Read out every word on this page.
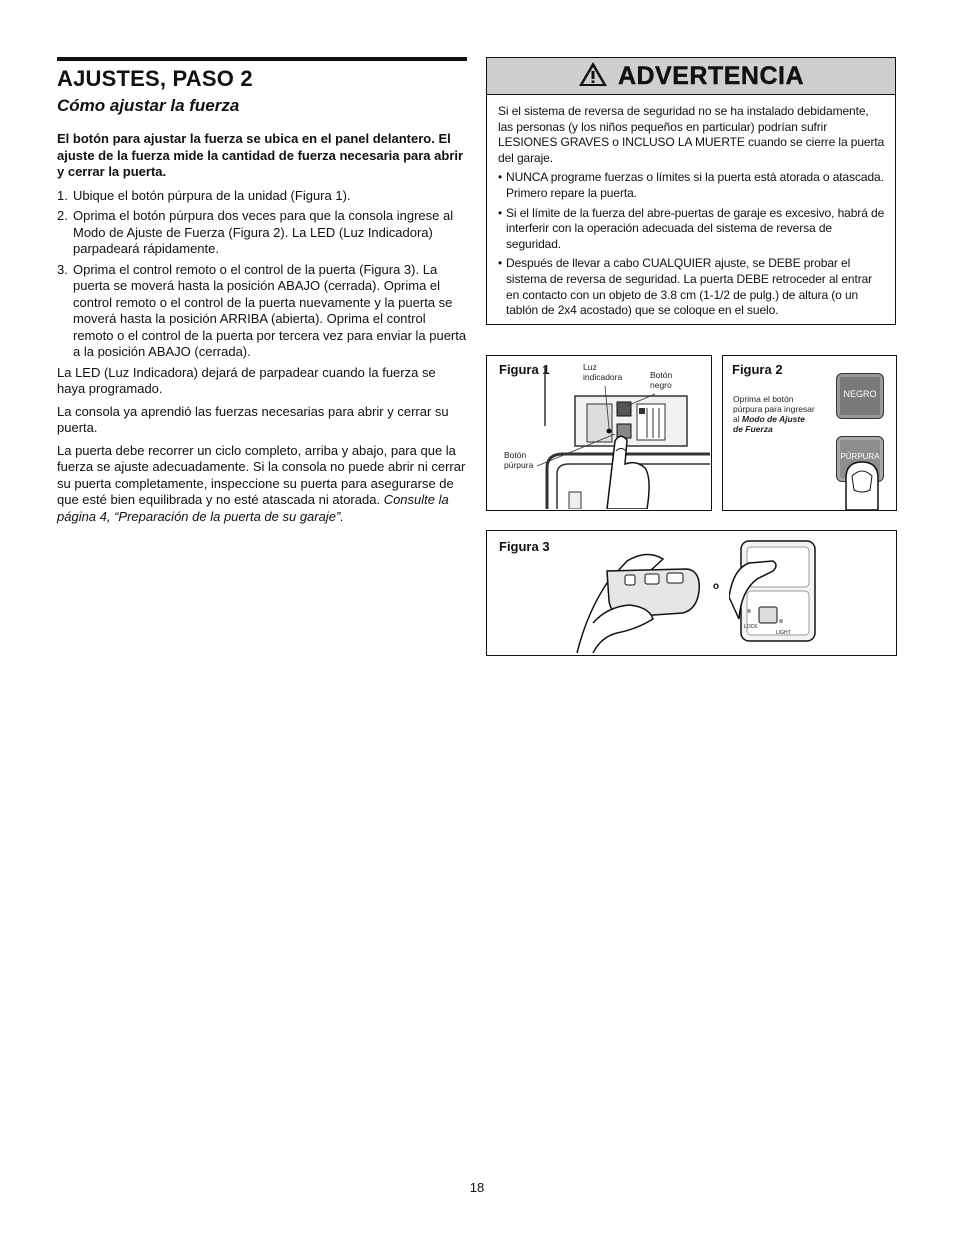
AJUSTES, PASO 2
Cómo ajustar la fuerza
El botón para ajustar la fuerza se ubica en el panel delantero. El ajuste de la fuerza mide la cantidad de fuerza necesaria para abrir y cerrar la puerta.
1. Ubique el botón púrpura de la unidad (Figura 1).
2. Oprima el botón púrpura dos veces para que la consola ingrese al Modo de Ajuste de Fuerza (Figura 2). La LED (Luz Indicadora) parpadeará rápidamente.
3. Oprima el control remoto o el control de la puerta (Figura 3). La puerta se moverá hasta la posición ABAJO (cerrada). Oprima el control remoto o el control de la puerta nuevamente y la puerta se moverá hasta la posición ARRIBA (abierta). Oprima el control remoto o el control de la puerta por tercera vez para enviar la puerta a la posición ABAJO (cerrada).

La LED (Luz Indicadora) dejará de parpadear cuando la fuerza se haya programado.

La consola ya aprendió las fuerzas necesarias para abrir y cerrar su puerta.

La puerta debe recorrer un ciclo completo, arriba y abajo, para que la fuerza se ajuste adecuadamente. Si la consola no puede abrir ni cerrar su puerta completamente, inspeccione su puerta para asegurarse de que esté bien equilibrada y no esté atascada ni atorada. Consulte la página 4, “Preparación de la puerta de su garaje”.

ADVERTENCIA

Si el sistema de reversa de seguridad no se ha instalado debidamente, las personas (y los niños pequeños en particular) podrían sufrir LESIONES GRAVES o INCLUSO LA MUERTE cuando se cierre la puerta del garaje.

• NUNCA programe fuerzas o límites si la puerta está atorada o atascada. Primero repare la puerta.
• Si el límite de la fuerza del abre-puertas de garaje es excesivo, habrá de interferir con la operación adecuada del sistema de reversa de seguridad.
• Después de llevar a cabo CUALQUIER ajuste, se DEBE probar el sistema de reversa de seguridad. La puerta DEBE retroceder al entrar en contacto con un objeto de 3.8 cm (1-1/2 de pulg.) de altura (o un tablón de 2x4 acostado) que se coloque en el suelo.
Figura 1	Luz
indicadora	Botón
negro
Botón
púrpura
Figura 2
Oprima el botón
púrpura para ingresar
al Modo de Ajuste
de Fuerza
NEGRO
PÚRPURA
Figura 3
o
LOCK
LIGHT
18
